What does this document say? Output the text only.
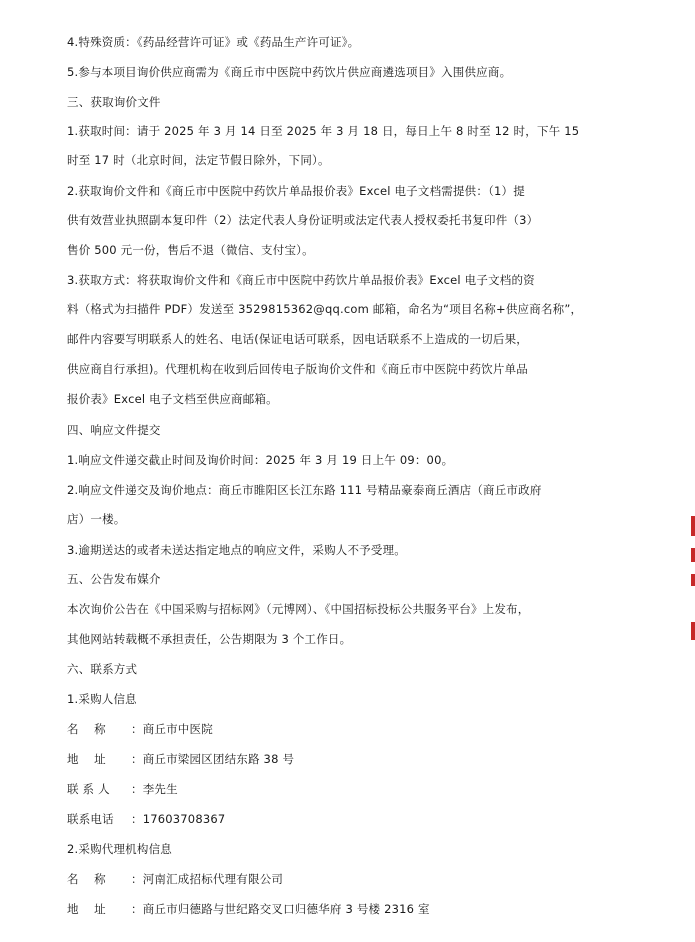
4.特殊资质：《药品经营许可证》或《药品生产许可证》。
5.参与本项目询价供应商需为《商丘市中医院中药饮片供应商遴选项目》入围供应商。
三、获取询价文件
1.获取时间：请于 2025 年 3 月 14 日至 2025 年 3 月 18 日，每日上午 8 时至 12 时，下午 15
时至 17 时（北京时间，法定节假日除外，下同）。
2.获取询价文件和《商丘市中医院中药饮片单品报价表》Excel 电子文档需提供：（1）提
供有效营业执照副本复印件（2）法定代表人身份证明或法定代表人授权委托书复印件（3）
售价 500 元一份，售后不退（微信、支付宝）。
3.获取方式：将获取询价文件和《商丘市中医院中药饮片单品报价表》Excel 电子文档的资
料（格式为扫描件 PDF）发送至 3529815362@qq.com 邮箱，命名为“项目名称+供应商名称”，
邮件内容要写明联系人的姓名、电话(保证电话可联系，因电话联系不上造成的一切后果，
供应商自行承担)。代理机构在收到后回传电子版询价文件和《商丘市中医院中药饮片单品
报价表》Excel 电子文档至供应商邮箱。
四、响应文件提交
1.响应文件递交截止时间及询价时间：2025 年 3 月 19 日上午 09：00。
2.响应文件递交及询价地点：商丘市睢阳区长江东路 111 号精品豪泰商丘酒店（商丘市政府
店）一楼。
3.逾期送达的或者未送达指定地点的响应文件，采购人不予受理。
五、公告发布媒介
本次询价公告在《中国采购与招标网》（元博网）、《中国招标投标公共服务平台》上发布，
其他网站转载概不承担责任，公告期限为 3 个工作日。
六、联系方式
1.采购人信息
名    称 ：商丘市中医院
地    址 ：商丘市梁园区团结东路 38 号
联 系 人 ：李先生
联系电话 ：17603708367
2.采购代理机构信息
名    称 ：河南汇成招标代理有限公司
地    址 ：商丘市归德路与世纪路交叉口归德华府 3 号楼 2316 室
